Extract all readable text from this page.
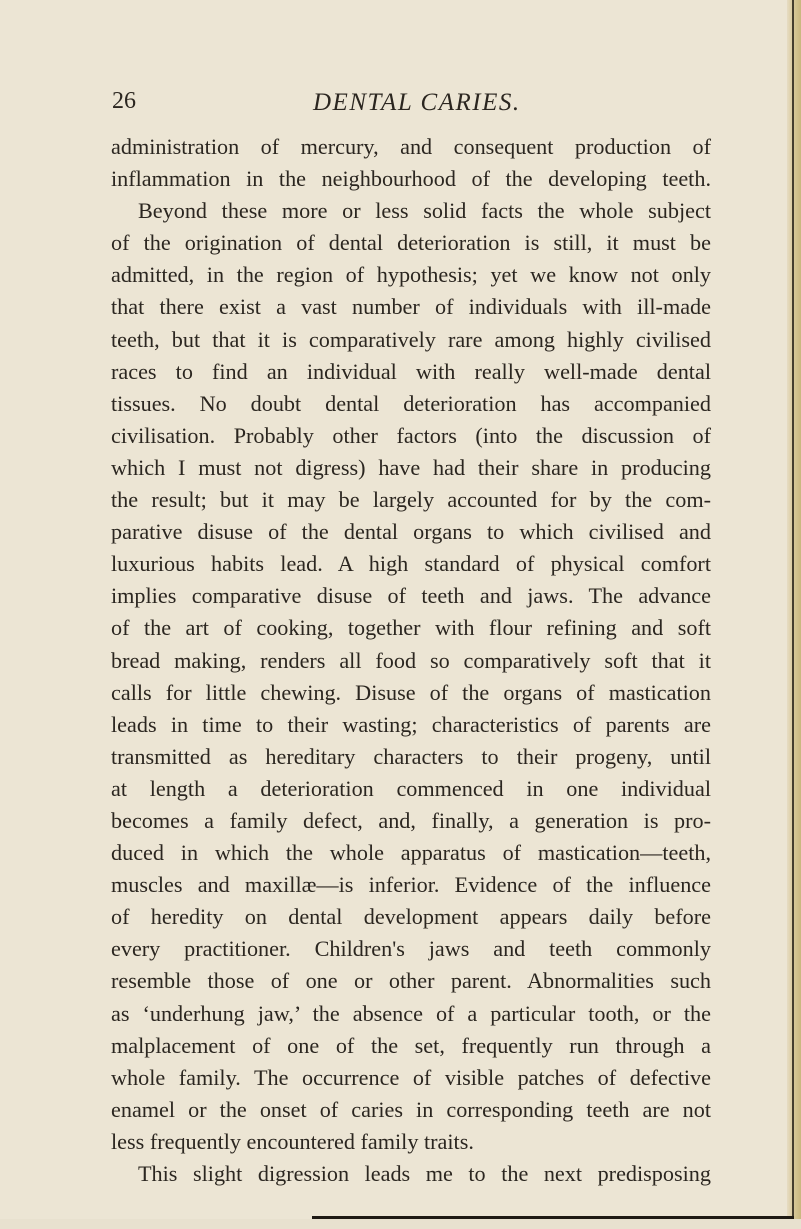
26	DENTAL CARIES.
administration of mercury, and consequent production of
inflammation in the neighbourhood of the developing teeth.
Beyond these more or less solid facts the whole subject
of the origination of dental deterioration is still, it must be
admitted, in the region of hypothesis; yet we know not only
that there exist a vast number of individuals with ill-made
teeth, but that it is comparatively rare among highly civilised
races to find an individual with really well-made dental
tissues. No doubt dental deterioration has accompanied
civilisation. Probably other factors (into the discussion of
which I must not digress) have had their share in producing
the result; but it may be largely accounted for by the com-
parative disuse of the dental organs to which civilised and
luxurious habits lead. A high standard of physical comfort
implies comparative disuse of teeth and jaws. The advance
of the art of cooking, together with flour refining and soft
bread making, renders all food so comparatively soft that it
calls for little chewing. Disuse of the organs of mastication
leads in time to their wasting; characteristics of parents are
transmitted as hereditary characters to their progeny, until
at length a deterioration commenced in one individual
becomes a family defect, and, finally, a generation is pro-
duced in which the whole apparatus of mastication—teeth,
muscles and maxillæ—is inferior. Evidence of the influence
of heredity on dental development appears daily before
every practitioner. Children's jaws and teeth commonly
resemble those of one or other parent. Abnormalities such
as ‘underhung jaw,’ the absence of a particular tooth, or the
malplacement of one of the set, frequently run through a
whole family. The occurrence of visible patches of defective
enamel or the onset of caries in corresponding teeth are not
less frequently encountered family traits.
This slight digression leads me to the next predisposing
